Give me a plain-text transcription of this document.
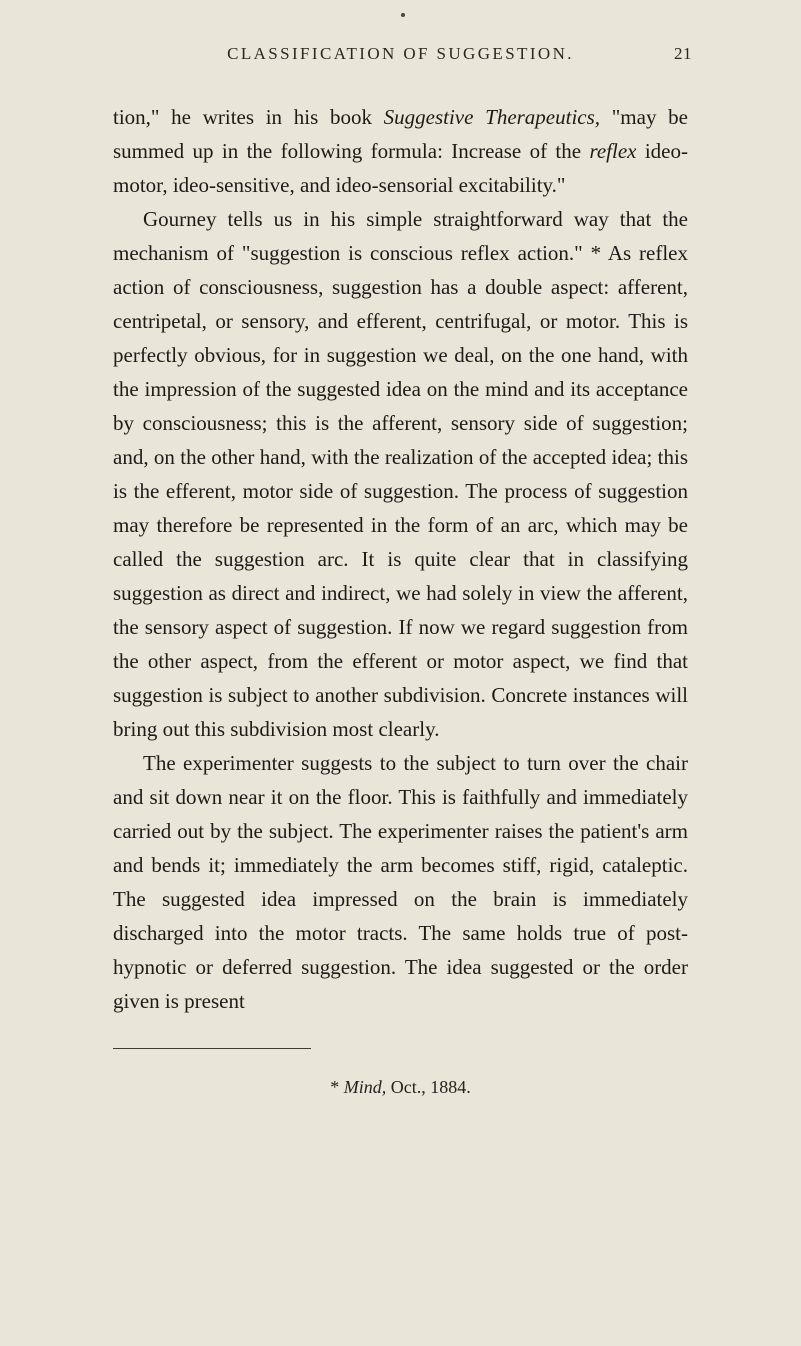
CLASSIFICATION OF SUGGESTION.	21

tion," he writes in his book Suggestive Therapeutics, "may be summed up in the following formula: Increase of the reflex ideo-motor, ideo-sensitive, and ideo-sensorial excitability."

Gourney tells us in his simple straightforward way that the mechanism of "suggestion is conscious reflex action." * As reflex action of consciousness, suggestion has a double aspect: afferent, centripetal, or sensory, and efferent, centrifugal, or motor. This is perfectly obvious, for in suggestion we deal, on the one hand, with the impression of the suggested idea on the mind and its acceptance by consciousness; this is the afferent, sensory side of suggestion; and, on the other hand, with the realization of the accepted idea; this is the efferent, motor side of suggestion. The process of suggestion may therefore be represented in the form of an arc, which may be called the suggestion arc. It is quite clear that in classifying suggestion as direct and indirect, we had solely in view the afferent, the sensory aspect of suggestion. If now we regard suggestion from the other aspect, from the efferent or motor aspect, we find that suggestion is subject to another subdivision. Concrete instances will bring out this subdivision most clearly.

The experimenter suggests to the subject to turn over the chair and sit down near it on the floor. This is faithfully and immediately carried out by the subject. The experimenter raises the patient's arm and bends it; immediately the arm becomes stiff, rigid, cataleptic. The suggested idea impressed on the brain is immediately discharged into the motor tracts. The same holds true of post-hypnotic or deferred suggestion. The idea suggested or the order given is present

* Mind, Oct., 1884.
